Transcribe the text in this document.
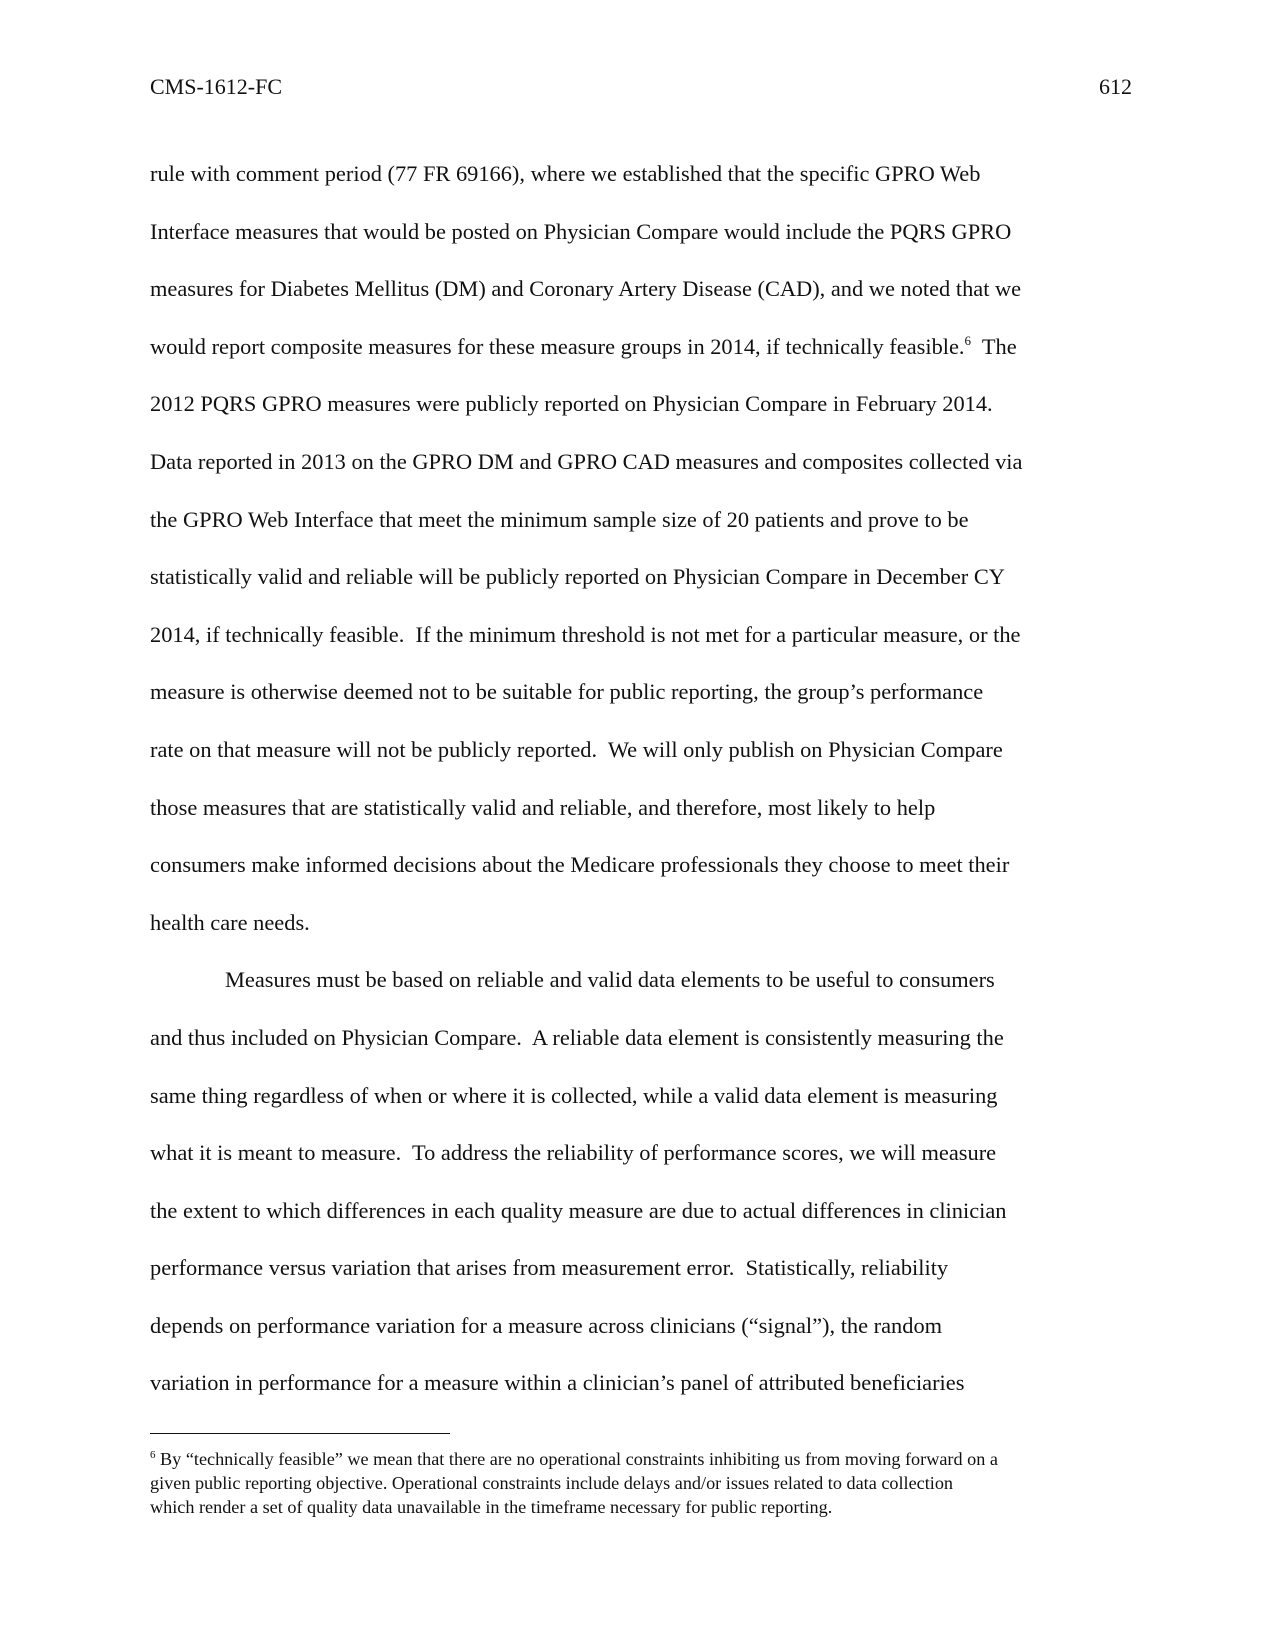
CMS-1612-FC	612
rule with comment period (77 FR 69166), where we established that the specific GPRO Web
Interface measures that would be posted on Physician Compare would include the PQRS GPRO
measures for Diabetes Mellitus (DM) and Coronary Artery Disease (CAD), and we noted that we
would report composite measures for these measure groups in 2014, if technically feasible.$^6$  The
2012 PQRS GPRO measures were publicly reported on Physician Compare in February 2014.
Data reported in 2013 on the GPRO DM and GPRO CAD measures and composites collected via
the GPRO Web Interface that meet the minimum sample size of 20 patients and prove to be
statistically valid and reliable will be publicly reported on Physician Compare in December CY
2014, if technically feasible.  If the minimum threshold is not met for a particular measure, or the
measure is otherwise deemed not to be suitable for public reporting, the group’s performance
rate on that measure will not be publicly reported.  We will only publish on Physician Compare
those measures that are statistically valid and reliable, and therefore, most likely to help
consumers make informed decisions about the Medicare professionals they choose to meet their
health care needs.
Measures must be based on reliable and valid data elements to be useful to consumers
and thus included on Physician Compare.  A reliable data element is consistently measuring the
same thing regardless of when or where it is collected, while a valid data element is measuring
what it is meant to measure.  To address the reliability of performance scores, we will measure
the extent to which differences in each quality measure are due to actual differences in clinician
performance versus variation that arises from measurement error.  Statistically, reliability
depends on performance variation for a measure across clinicians (“signal”), the random
variation in performance for a measure within a clinician’s panel of attributed beneficiaries
$^6$ By “technically feasible” we mean that there are no operational constraints inhibiting us from moving forward on a
given public reporting objective. Operational constraints include delays and/or issues related to data collection
which render a set of quality data unavailable in the timeframe necessary for public reporting.
